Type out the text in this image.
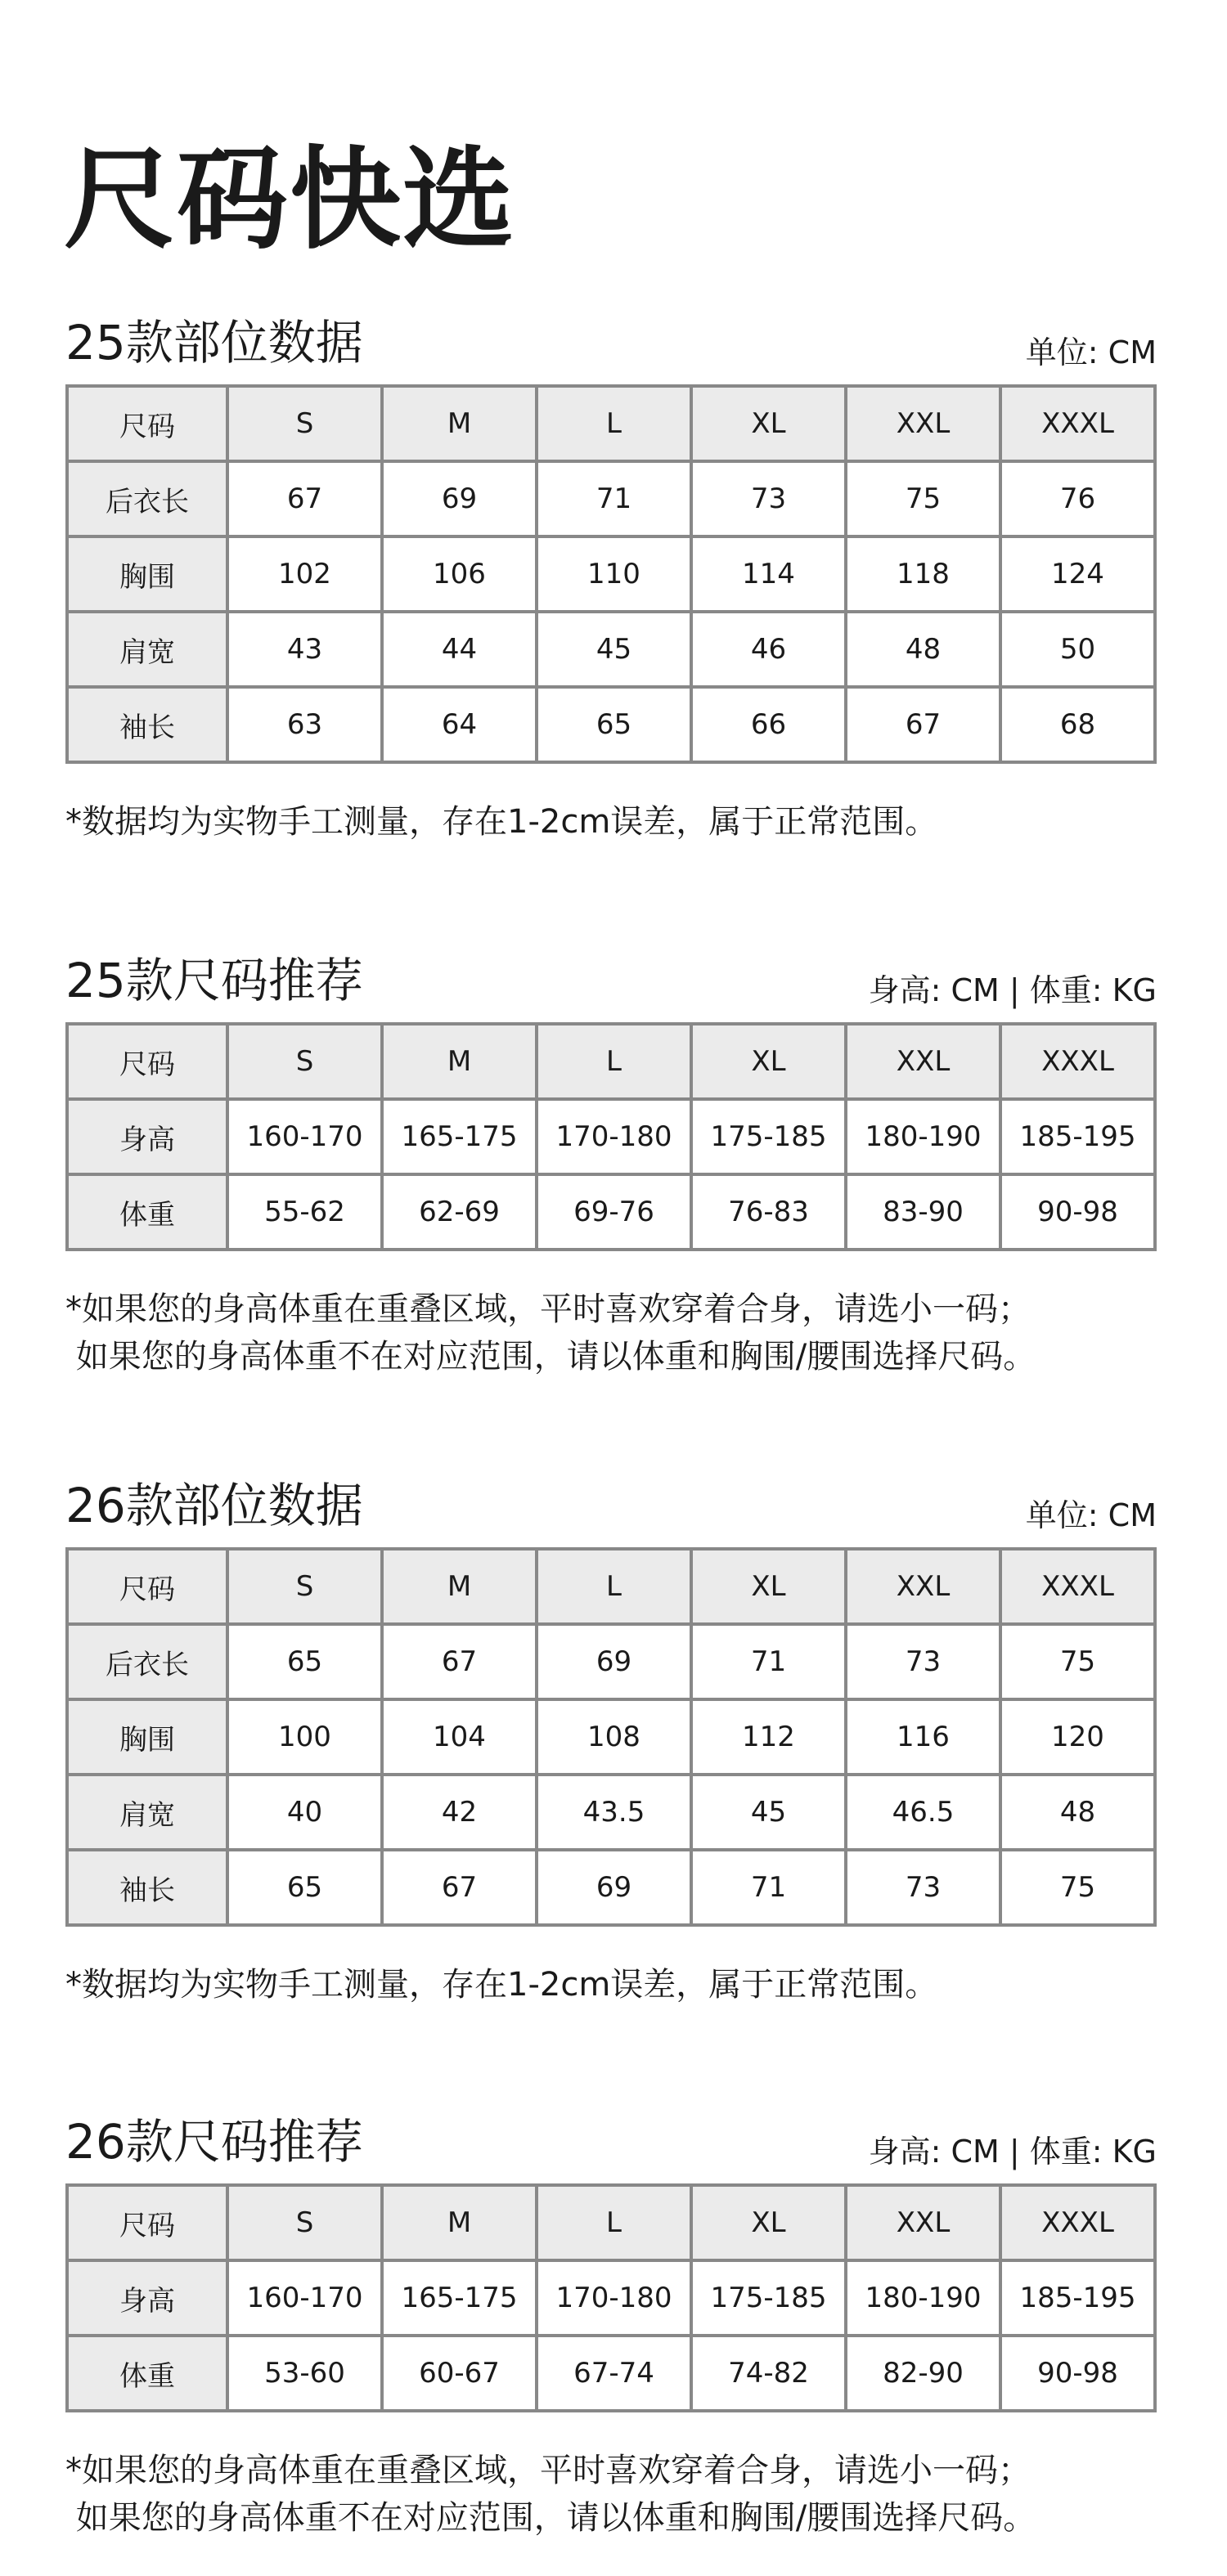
尺码快选
25款部位数据	单位: CM
尺码	S	M	L	XL	XXL	XXXL
后衣长	67	69	71	73	75	76
胸围	102	106	110	114	118	124
肩宽	43	44	45	46	48	50
袖长	63	64	65	66	67	68
*数据均为实物手工测量，存在1-2cm误差，属于正常范围。
25款尺码推荐	身高: CM | 体重: KG
尺码	S	M	L	XL	XXL	XXXL
身高	160-170	165-175	170-180	175-185	180-190	185-195
体重	55-62	62-69	69-76	76-83	83-90	90-98
*如果您的身高体重在重叠区域，平时喜欢穿着合身，请选小一码；
如果您的身高体重不在对应范围，请以体重和胸围/腰围选择尺码。
26款部位数据	单位: CM
尺码	S	M	L	XL	XXL	XXXL
后衣长	65	67	69	71	73	75
胸围	100	104	108	112	116	120
肩宽	40	42	43.5	45	46.5	48
袖长	65	67	69	71	73	75
*数据均为实物手工测量，存在1-2cm误差，属于正常范围。
26款尺码推荐	身高: CM | 体重: KG
尺码	S	M	L	XL	XXL	XXXL
身高	160-170	165-175	170-180	175-185	180-190	185-195
体重	53-60	60-67	67-74	74-82	82-90	90-98
*如果您的身高体重在重叠区域，平时喜欢穿着合身，请选小一码；
如果您的身高体重不在对应范围，请以体重和胸围/腰围选择尺码。
